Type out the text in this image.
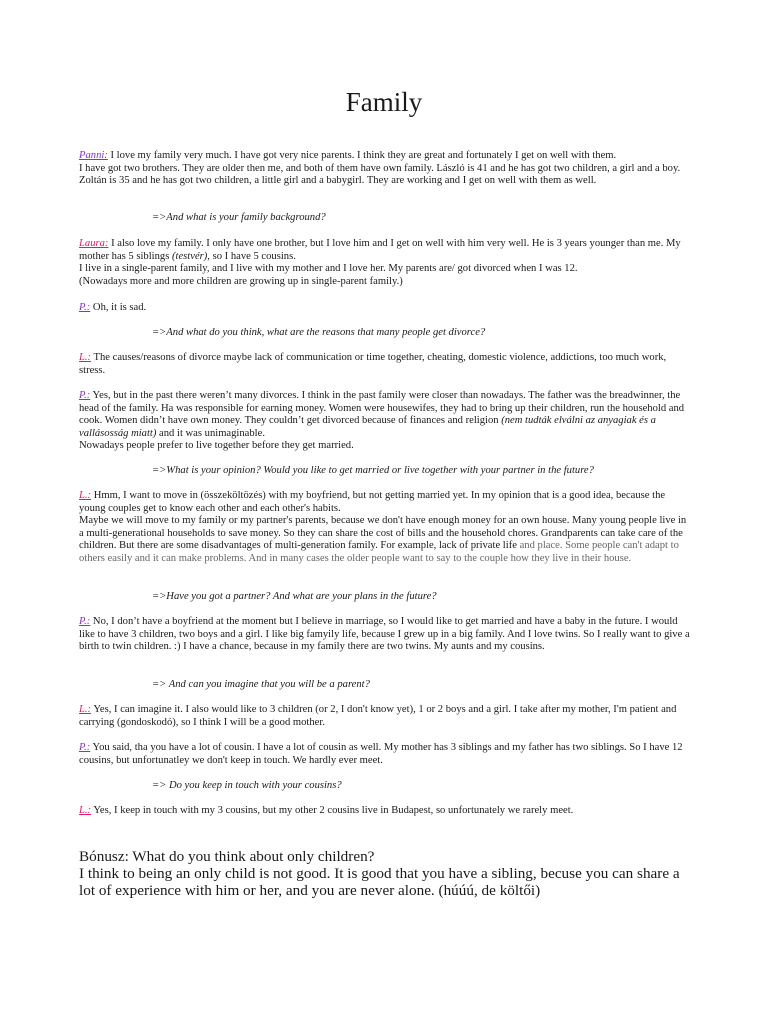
Family
Panni: I love my family very much. I have got very nice parents. I think they are great and fortunately I get on well with them.
I have got two brothers. They are older then me, and both of them have own family. László is 41 and he has got two children, a girl and a boy. Zoltán is 35 and he has got two children, a little girl and a babygirl. They are working and I get on well with them as well.
=>And what is your family background?
Laura: I also love my family. I only have one brother, but I love him and I get on well with him very well. He is 3 years younger than me. My mother has 5 siblings (testvér), so I have 5 cousins.
I live in a single-parent family, and I live with my mother and I love her. My parents are/ got divorced when I was 12.
(Nowadays more and more children are growing up in single-parent family.)
P.: Oh, it is sad.
=>And what do you think, what are the reasons that many people get divorce?
L.: The causes/reasons of divorce maybe lack of communication or time together, cheating, domestic violence, addictions, too much work, stress.
P.: Yes, but in the past there weren’t many divorces. I think in the past family were closer than nowadays. The father was the breadwinner, the head of the family. Ha was responsible for earning money. Women were housewifes, they had to bring up their children, run the household and cook. Women didn’t have own money. They couldn’t get divorced because of finances and religion (nem tudták elválni az anyagiak és a vallásosság miatt) and it was unimaginable.
Nowadays people prefer to live together before they get married.
=>What is your opinion? Would you like to get married or live together with your partner in the future?
L.: Hmm, I want to move in (összeköltözés) with my boyfriend, but not getting married yet. In my opinion that is a good idea, because the young couples get to know each other and each other's habits.
Maybe we will move to my family or my partner's parents, because we don't have enough money for an own house. Many young people live in a multi-generational households to save money. So they can share the cost of bills and the household chores. Grandparents can take care of the children. But there are some disadvantages of multi-generation family. For example, lack of private life and place. Some people can't adapt to others easily and it can make problems. And in many cases the older people want to say to the couple how they live in their house.
=>Have you got a partner? And what are your plans in the future?
P.: No, I don’t have a boyfriend at the moment but I believe in marriage, so I would like to get married and have a baby in the future. I would like to have 3 children, two boys and a girl. I like big famyily life, because I grew up in a big family. And I love twins. So I really want to give a birth to twin children. :) I have a chance, because in my family there are two twins. My aunts and my cousins.
=> And can you imagine that you will be a parent?
L.: Yes, I can imagine it. I also would like to 3 children (or 2, I don't know yet), 1 or 2 boys and a girl. I take after my mother, I'm patient and carrying (gondoskodó), so I think I will be a good mother.
P.: You said, tha you have a lot of cousin. I have a lot of cousin as well. My mother has 3 siblings and my father has two siblings. So I have 12 cousins, but unfortunatley we don't keep in touch. We hardly ever meet.
=> Do you keep in touch with your cousins?
L.: Yes, I keep in touch with my 3 cousins, but my other 2 cousins live in Budapest, so unfortunately we rarely meet.
Bónusz: What do you think about only children?
I think to being an only child is not good. It is good that you have a sibling, becuse you can share a lot of experience with him or her, and you are never alone. (húúú, de költői)
